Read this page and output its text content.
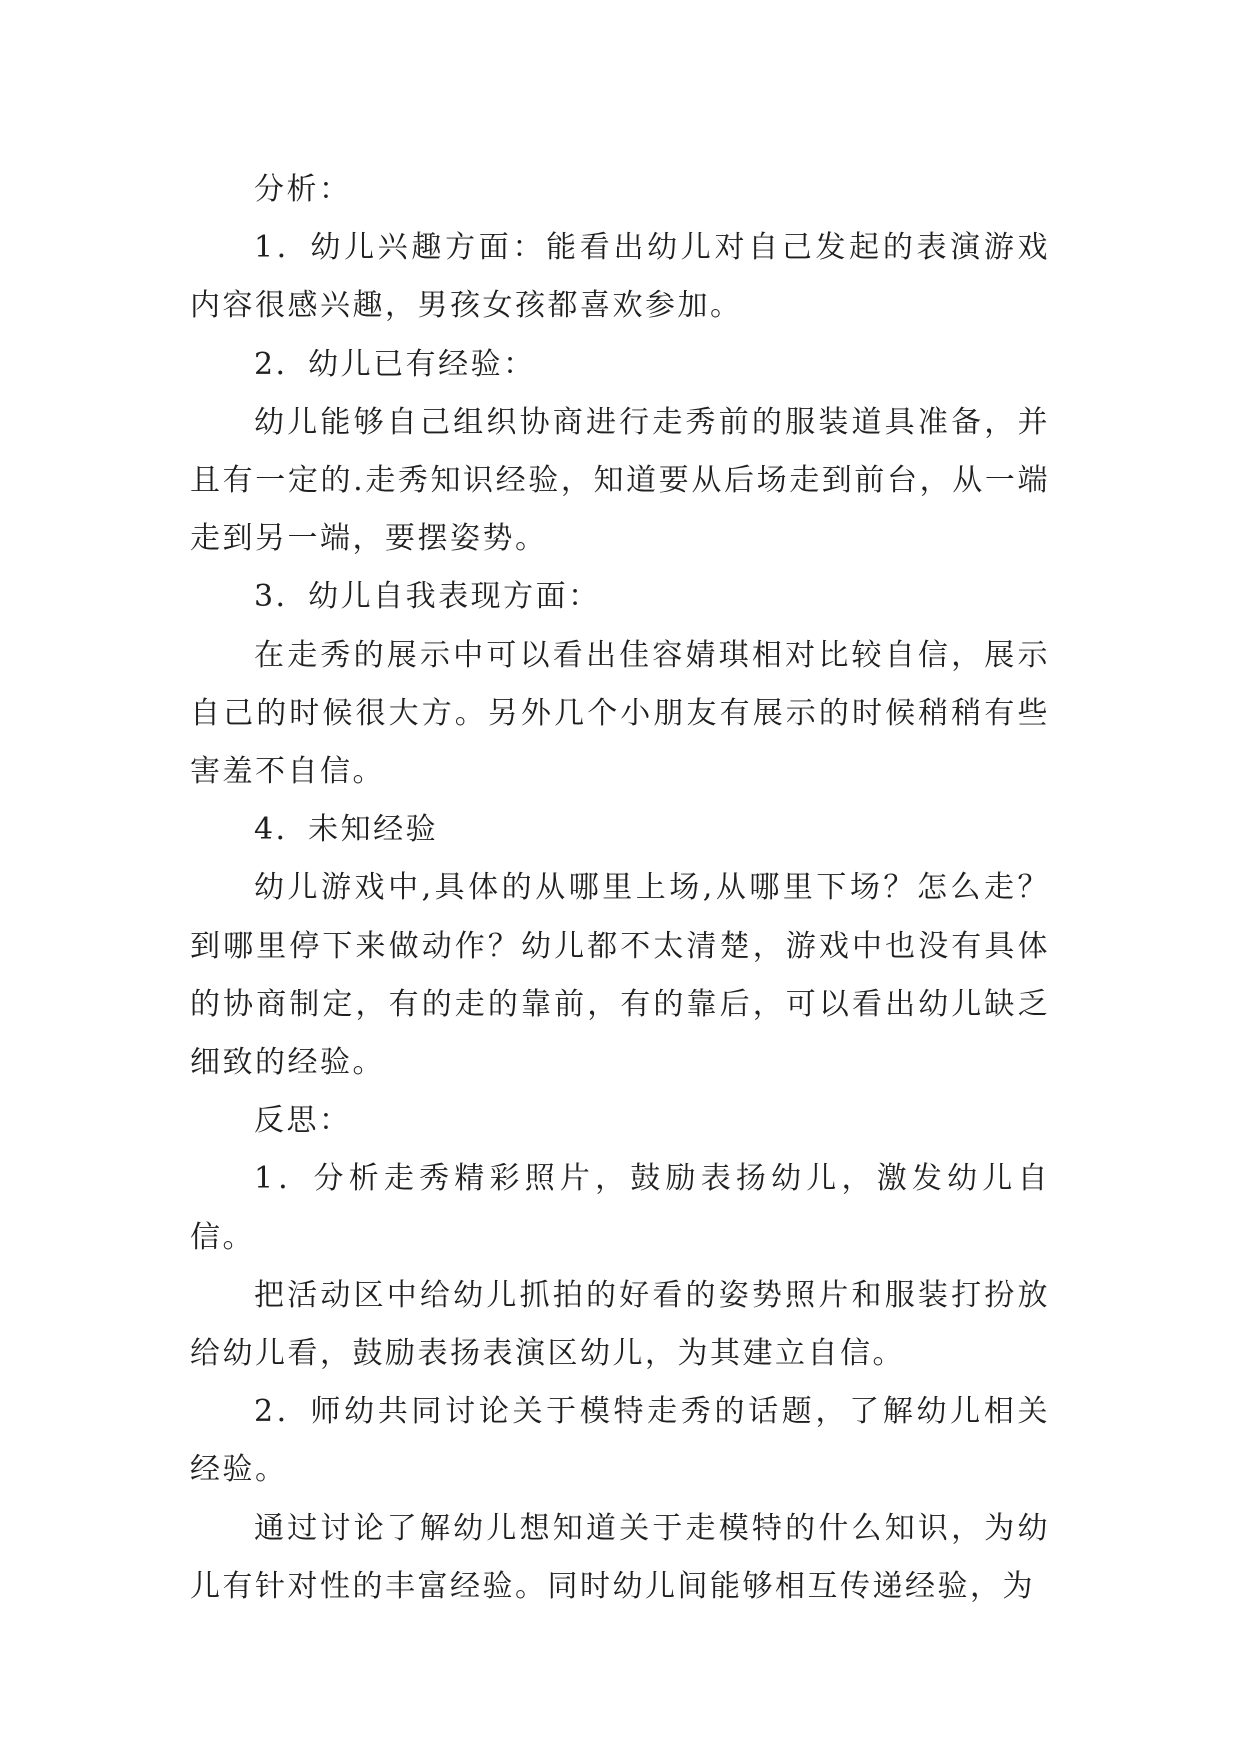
分析：

1．幼儿兴趣方面：能看出幼儿对自己发起的表演游戏内容很感兴趣，男孩女孩都喜欢参加。

2．幼儿已有经验：

幼儿能够自己组织协商进行走秀前的服装道具准备，并且有一定的.走秀知识经验，知道要从后场走到前台，从一端走到另一端，要摆姿势。

3．幼儿自我表现方面：

在走秀的展示中可以看出佳容婧琪相对比较自信，展示自己的时候很大方。另外几个小朋友有展示的时候稍稍有些害羞不自信。

4．未知经验

幼儿游戏中,具体的从哪里上场,从哪里下场？怎么走？到哪里停下来做动作？幼儿都不太清楚，游戏中也没有具体的协商制定，有的走的靠前，有的靠后，可以看出幼儿缺乏细致的经验。

反思：

1．分析走秀精彩照片，鼓励表扬幼儿，激发幼儿自信。

把活动区中给幼儿抓拍的好看的姿势照片和服装打扮放给幼儿看，鼓励表扬表演区幼儿，为其建立自信。

2．师幼共同讨论关于模特走秀的话题，了解幼儿相关经验。

通过讨论了解幼儿想知道关于走模特的什么知识，为幼儿有针对性的丰富经验。同时幼儿间能够相互传递经验，为
